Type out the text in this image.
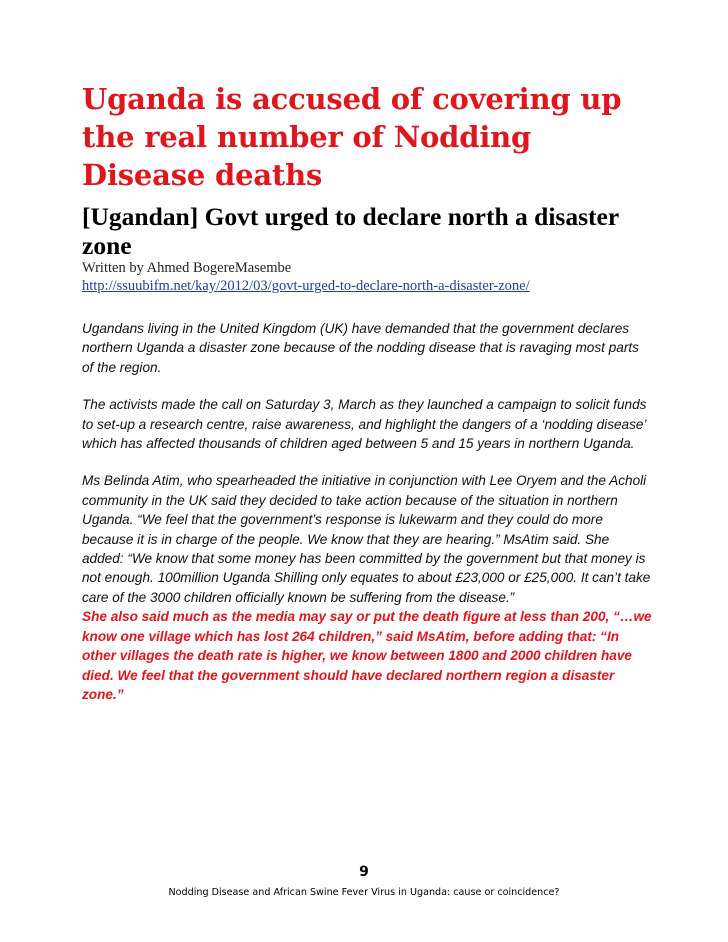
Uganda is accused of covering up the real number of Nodding Disease deaths
[Ugandan] Govt urged to declare north a disaster zone

Written by Ahmed BogereMasembe

http://ssuubifm.net/kay/2012/03/govt-urged-to-declare-north-a-disaster-zone/

Ugandans living in the United Kingdom (UK) have demanded that the government declares northern Uganda a disaster zone because of the nodding disease that is ravaging most parts of the region.

The activists made the call on Saturday 3, March as they launched a campaign to solicit funds to set-up a research centre, raise awareness, and highlight the dangers of a ‘nodding disease’ which has affected thousands of children aged between 5 and 15 years in northern Uganda.

Ms Belinda Atim, who spearheaded the initiative in conjunction with Lee Oryem and the Acholi community in the UK said they decided to take action because of the situation in northern Uganda. “We feel that the government’s response is lukewarm and they could do more because it is in charge of the people. We know that they are hearing.” MsAtim said. She added: “We know that some money has been committed by the government but that money is not enough. 100million Uganda Shilling only equates to about £23,000 or £25,000. It can’t take care of the 3000 children officially known be suffering from the disease.”

She also said much as the media may say or put the death figure at less than 200, “…we know one village which has lost 264 children,” said MsAtim, before adding that: “In other villages the death rate is higher, we know between 1800 and 2000 children have died. We feel that the government should have declared northern region a disaster zone.”

9
Nodding Disease and African Swine Fever Virus in Uganda: cause or coincidence?
